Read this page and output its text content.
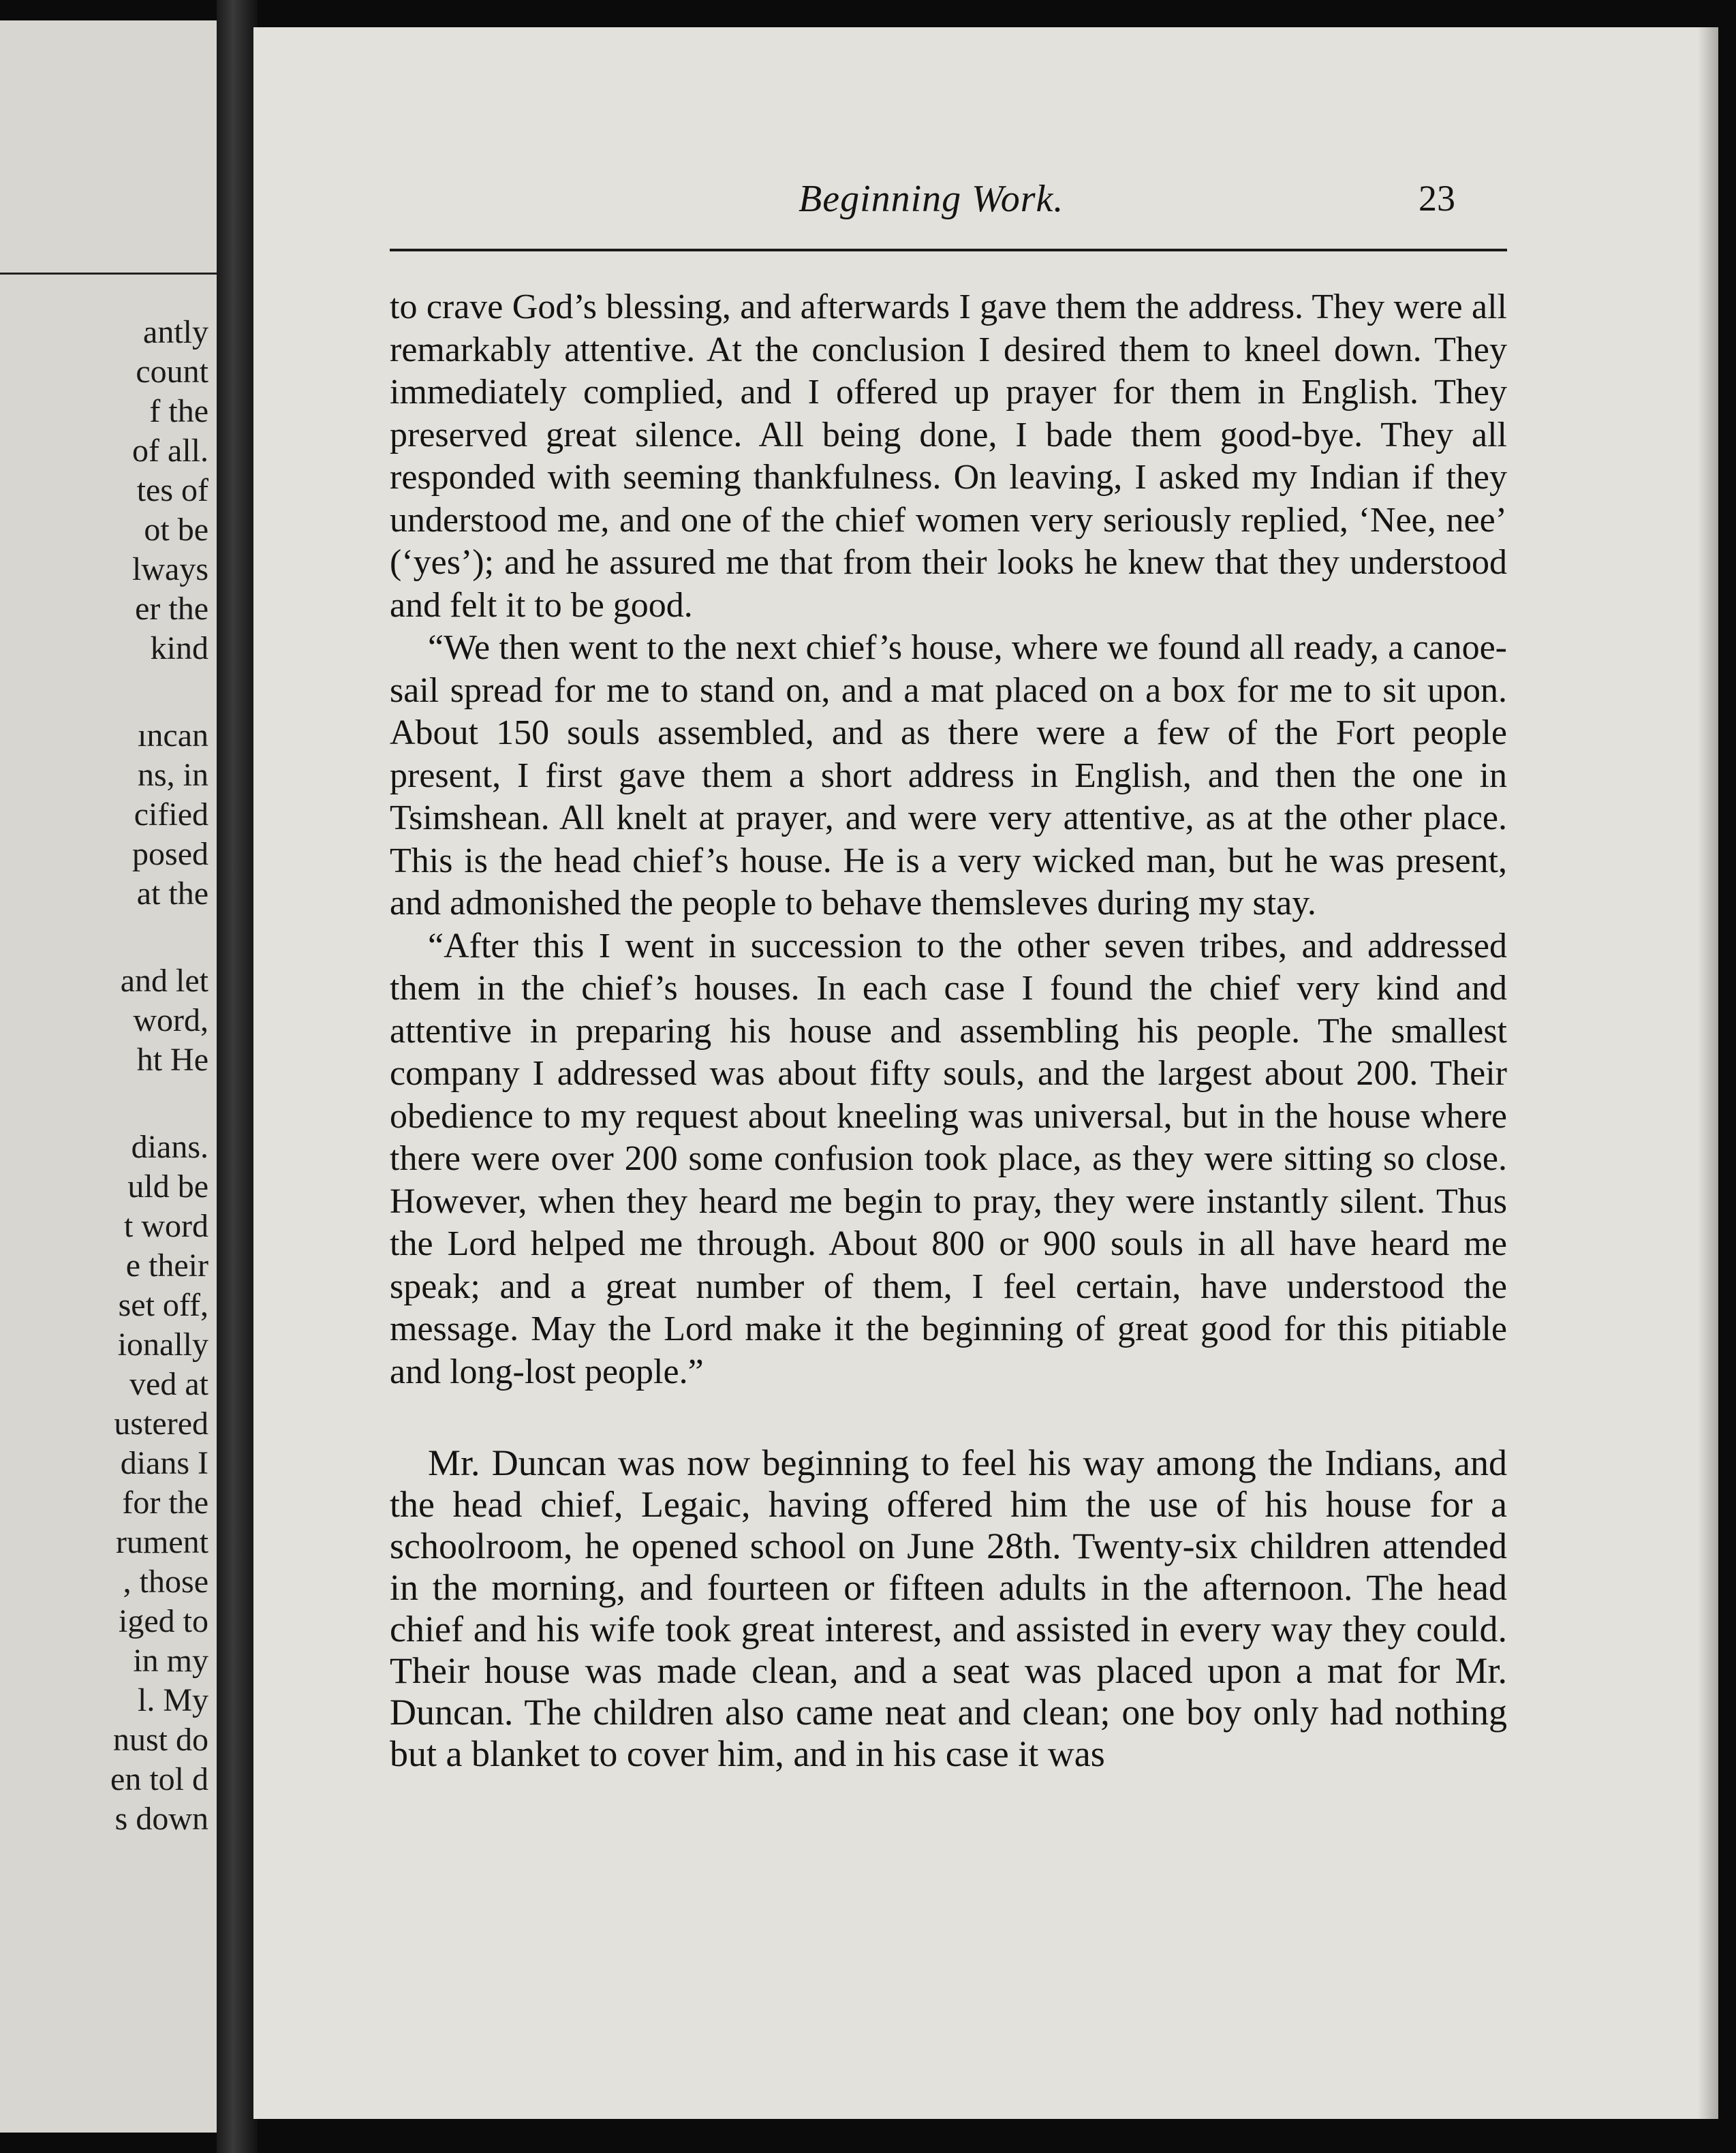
antly
count
f the
of all.
tes of
ot be
lways
er the
kind
ıncan
ns, in
cified
posed
at the
and let
word,
ht He
dians.
uld be
t word
e their
set off,
ionally
ved at
ustered
dians I
for the
rument
, those
iged to
in my
l. My
nust do
en tol d
s down
Beginning Work.	23

to crave God’s blessing, and afterwards I gave them the address. They were all remarkably attentive. At the conclusion I desired them to kneel down. They immediately complied, and I offered up prayer for them in English. They preserved great silence. All being done, I bade them good-bye. They all responded with seeming thankfulness. On leaving, I asked my Indian if they understood me, and one of the chief women very seriously replied, ‘Nee, nee’ (‘yes’); and he assured me that from their looks he knew that they understood and felt it to be good.

“We then went to the next chief’s house, where we found all ready, a canoe-sail spread for me to stand on, and a mat placed on a box for me to sit upon. About 150 souls assembled, and as there were a few of the Fort people present, I first gave them a short address in English, and then the one in Tsimshean. All knelt at prayer, and were very attentive, as at the other place. This is the head chief’s house. He is a very wicked man, but he was present, and admonished the people to behave themsleves during my stay.

“After this I went in succession to the other seven tribes, and addressed them in the chief’s houses. In each case I found the chief very kind and attentive in preparing his house and assembling his people. The smallest company I addressed was about fifty souls, and the largest about 200. Their obedience to my request about kneeling was universal, but in the house where there were over 200 some confusion took place, as they were sitting so close. However, when they heard me begin to pray, they were instantly silent. Thus the Lord helped me through. About 800 or 900 souls in all have heard me speak; and a great number of them, I feel certain, have understood the message. May the Lord make it the beginning of great good for this pitiable and long-lost people.”

Mr. Duncan was now beginning to feel his way among the Indians, and the head chief, Legaic, having offered him the use of his house for a schoolroom, he opened school on June 28th. Twenty-six children attended in the morning, and fourteen or fifteen adults in the afternoon. The head chief and his wife took great interest, and assisted in every way they could. Their house was made clean, and a seat was placed upon a mat for Mr. Duncan. The children also came neat and clean; one boy only had nothing but a blanket to cover him, and in his case it was
